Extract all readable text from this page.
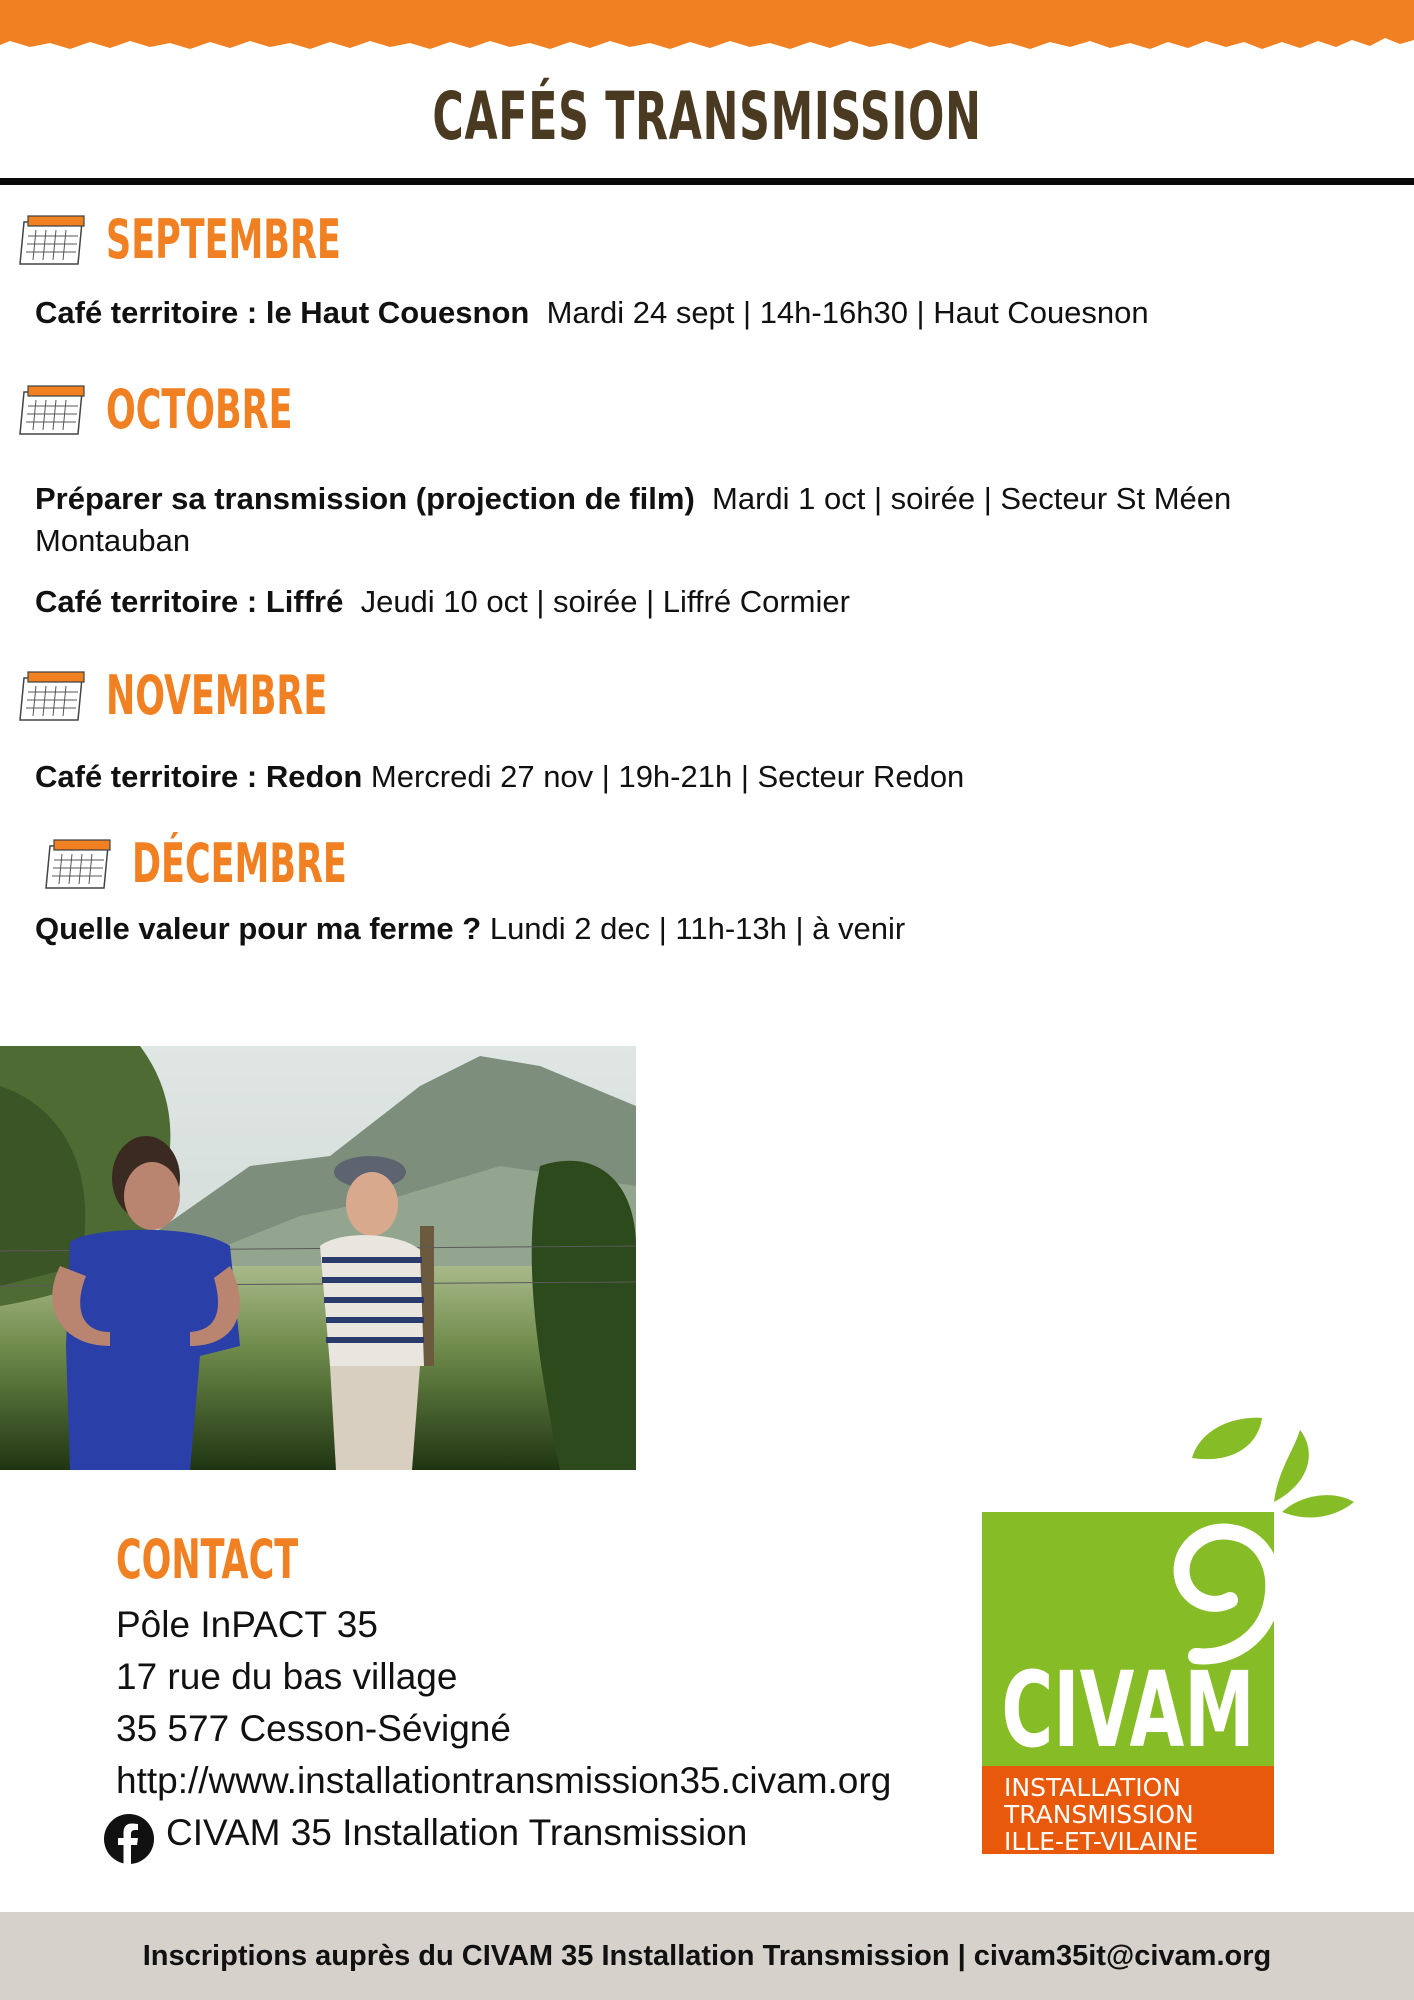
CAFÉS TRANSMISSION
SEPTEMBRE
Café territoire : le Haut Couesnon Mardi 24 sept | 14h-16h30 | Haut Couesnon
OCTOBRE
Préparer sa transmission (projection de film) Mardi 1 oct | soirée | Secteur St Méen Montauban
Café territoire : Liffré Jeudi 10 oct | soirée | Liffré Cormier
NOVEMBRE
Café territoire : Redon Mercredi 27 nov | 19h-21h | Secteur Redon
DÉCEMBRE
Quelle valeur pour ma ferme ? Lundi 2 dec | 11h-13h | à venir
CONTACT
Pôle InPACT 35
17 rue du bas village
35 577 Cesson-Sévigné
http://www.installationtransmission35.civam.org
CIVAM 35 Installation Transmission
CIVAM
INSTALLATION
TRANSMISSION
ILLE-ET-VILAINE
Inscriptions auprès du CIVAM 35 Installation Transmission | civam35it@civam.org
